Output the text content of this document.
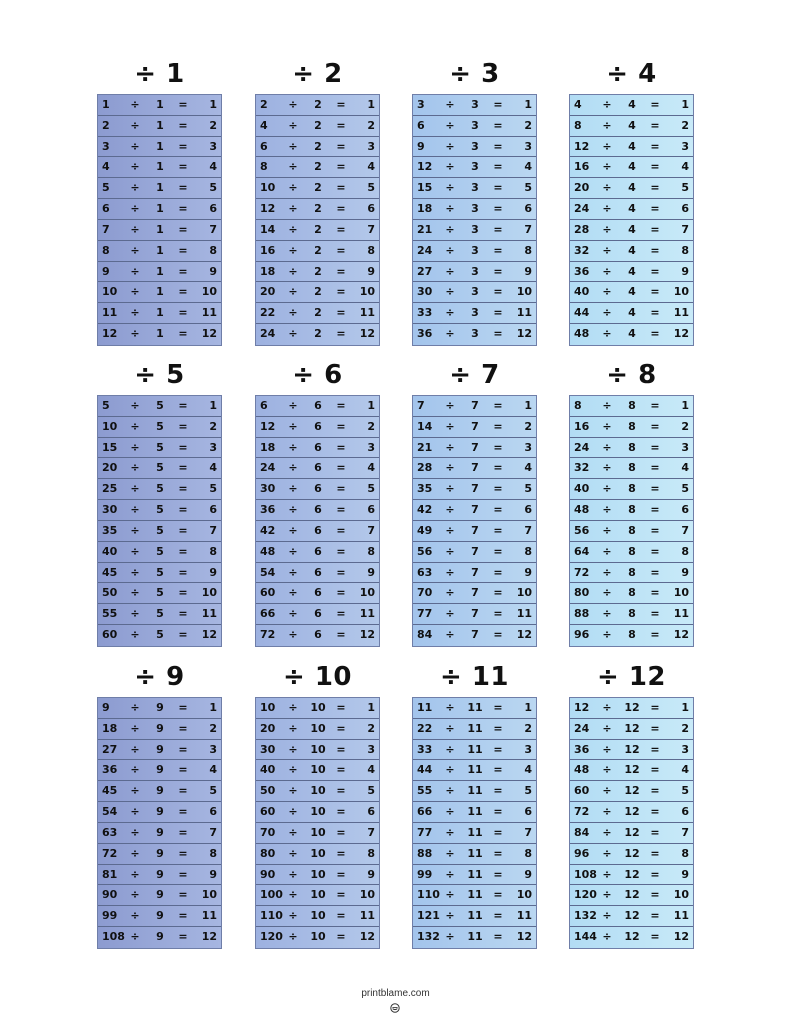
÷ 1
1 ÷	1	= 1
2 ÷	1	= 2
3 ÷	1	= 3
4 ÷	1	= 4
5 ÷	1	= 5
6 ÷	1	= 6
7 ÷	1	= 7
8 ÷	1	= 8
9 ÷	1	= 9
10 ÷	1	= 10
11 ÷	1	= 11
12 ÷	1	= 12
÷ 2
2 ÷	2	= 1
4 ÷	2	= 2
6 ÷	2	= 3
8 ÷	2	= 4
10 ÷	2	= 5
12 ÷	2	= 6
14 ÷	2	= 7
16 ÷	2	= 8
18 ÷	2	= 9
20 ÷	2	= 10
22 ÷	2	= 11
24 ÷	2	= 12
÷ 3
3 ÷	3	= 1
6 ÷	3	= 2
9 ÷	3	= 3
12 ÷	3	= 4
15 ÷	3	= 5
18 ÷	3	= 6
21 ÷	3	= 7
24 ÷	3	= 8
27 ÷	3	= 9
30 ÷	3	= 10
33 ÷	3	= 11
36 ÷	3	= 12
÷ 4
4 ÷	4	= 1
8 ÷	4	= 2
12 ÷	4	= 3
16 ÷	4	= 4
20 ÷	4	= 5
24 ÷	4	= 6
28 ÷	4	= 7
32 ÷	4	= 8
36 ÷	4	= 9
40 ÷	4	= 10
44 ÷	4	= 11
48 ÷	4	= 12
÷ 5
5 ÷	5	= 1
10 ÷	5	= 2
15 ÷	5	= 3
20 ÷	5	= 4
25 ÷	5	= 5
30 ÷	5	= 6
35 ÷	5	= 7
40 ÷	5	= 8
45 ÷	5	= 9
50 ÷	5	= 10
55 ÷	5	= 11
60 ÷	5	= 12
÷ 6
6 ÷	6	= 1
12 ÷	6	= 2
18 ÷	6	= 3
24 ÷	6	= 4
30 ÷	6	= 5
36 ÷	6	= 6
42 ÷	6	= 7
48 ÷	6	= 8
54 ÷	6	= 9
60 ÷	6	= 10
66 ÷	6	= 11
72 ÷	6	= 12
÷ 7
7 ÷	7	= 1
14 ÷	7	= 2
21 ÷	7	= 3
28 ÷	7	= 4
35 ÷	7	= 5
42 ÷	7	= 6
49 ÷	7	= 7
56 ÷	7	= 8
63 ÷	7	= 9
70 ÷	7	= 10
77 ÷	7	= 11
84 ÷	7	= 12
÷ 8
8 ÷	8	= 1
16 ÷	8	= 2
24 ÷	8	= 3
32 ÷	8	= 4
40 ÷	8	= 5
48 ÷	8	= 6
56 ÷	8	= 7
64 ÷	8	= 8
72 ÷	8	= 9
80 ÷	8	= 10
88 ÷	8	= 11
96 ÷	8	= 12
÷ 9
9 ÷	9	= 1
18 ÷	9	= 2
27 ÷	9	= 3
36 ÷	9	= 4
45 ÷	9	= 5
54 ÷	9	= 6
63 ÷	9	= 7
72 ÷	9	= 8
81 ÷	9	= 9
90 ÷	9	= 10
99 ÷	9	= 11
108 ÷	9	= 12
÷ 10
10 ÷	10 = 1
20 ÷	10 = 2
30 ÷	10 = 3
40 ÷	10 = 4
50 ÷	10 = 5
60 ÷	10 = 6
70 ÷	10 = 7
80 ÷	10 = 8
90 ÷	10 = 9
100 ÷	10 = 10
110 ÷	10 = 11
120 ÷	10 = 12
÷ 11
11 ÷	11 = 1
22 ÷	11 = 2
33 ÷	11 = 3
44 ÷	11 = 4
55 ÷	11 = 5
66 ÷	11 = 6
77 ÷	11 = 7
88 ÷	11 = 8
99 ÷	11 = 9
110 ÷	11 = 10
121 ÷	11 = 11
132 ÷	11 = 12
÷ 12
12 ÷	12 = 1
24 ÷	12 = 2
36 ÷	12 = 3
48 ÷	12 = 4
60 ÷	12 = 5
72 ÷	12 = 6
84 ÷	12 = 7
96 ÷	12 = 8
108 ÷	12 = 9
120 ÷	12 = 10
132 ÷	12 = 11
144 ÷	12 = 12
printblame.com
